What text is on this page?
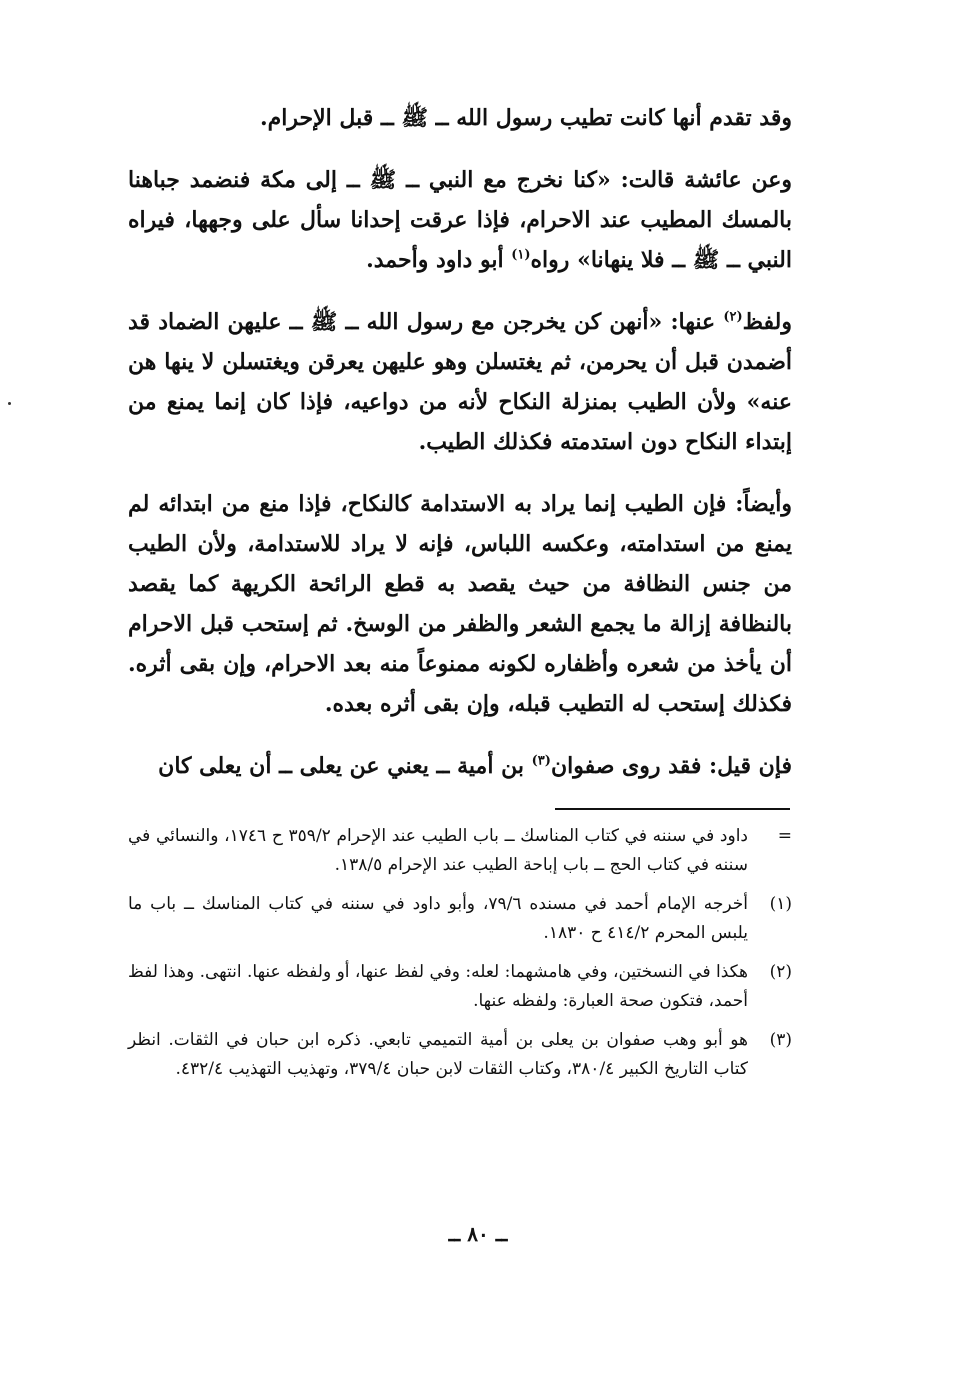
وقد تقدم أنها كانت تطيب رسول الله ــ ﷺ ــ قبل الإحرام.

وعن عائشة قالت: «كنا نخرج مع النبي ــ ﷺ ــ إلى مكة فنضمد جباهنا بالمسك المطيب عند الاحرام، فإذا عرقت إحدانا سأل على وجهها، فيراه النبي ــ ﷺ ــ فلا ينهانا» رواه$^{(١)}$ أبو داود وأحمد.

ولفظ$^{(٢)}$ عنها: «أنهن كن يخرجن مع رسول الله ــ ﷺ ــ عليهن الضماد قد أضمدن قبل أن يحرمن، ثم يغتسلن وهو عليهن يعرقن ويغتسلن لا ينها هن عنه» ولأن الطيب بمنزلة النكاح لأنه من دواعيه، فإذا كان إنما يمنع من إبتداء النكاح دون استدمته فكذلك الطيب.

وأيضاً: فإن الطيب إنما يراد به الاستدامة كالنكاح، فإذا منع من ابتدائه لم يمنع من استدامته، وعكسه اللباس، فإنه لا يراد للاستدامة، ولأن الطيب من جنس النظافة من حيث يقصد به قطع الرائحة الكريهة كما يقصد بالنظافة إزالة ما يجمع الشعر والظفر من الوسخ. ثم إستحب قبل الاحرام أن يأخذ من شعره وأظفاره لكونه ممنوعاً منه بعد الاحرام، وإن بقى أثره. فكذلك إستحب له التطيب قبله، وإن بقى أثره بعده.

فإن قيل: فقد روى صفوان$^{(٣)}$ بن أمية ــ يعني عن يعلى ــ أن يعلى كان

=
داود في سننه في كتاب المناسك ــ باب الطيب عند الإحرام ٣٥٩/٢ ح ١٧٤٦، والنسائي في سننه في كتاب الحج ــ باب إباحة الطيب عند الإحرام ١٣٨/٥.
(١)
أخرجه الإمام أحمد في مسنده ٧٩/٦، وأبو داود في سننه في كتاب المناسك ــ باب ما يلبس المحرم ٤١٤/٢ ح ١٨٣٠.
(٢)
هكذا في النسختين، وفي هامشهما: لعله: وفي لفظ عنها، أو ولفظه عنها. انتهى. وهذا لفظ أحمد، فتكون صحة العبارة: ولفظه عنها.
(٣)
هو أبو وهب صفوان بن يعلى بن أمية التميمي تابعي. ذكره ابن حبان في الثقات. انظر كتاب التاريخ الكبير ٣٨٠/٤، وكتاب الثقات لابن حبان ٣٧٩/٤، وتهذيب التهذيب ٤٣٢/٤.
ــ ٨٠ ــ
